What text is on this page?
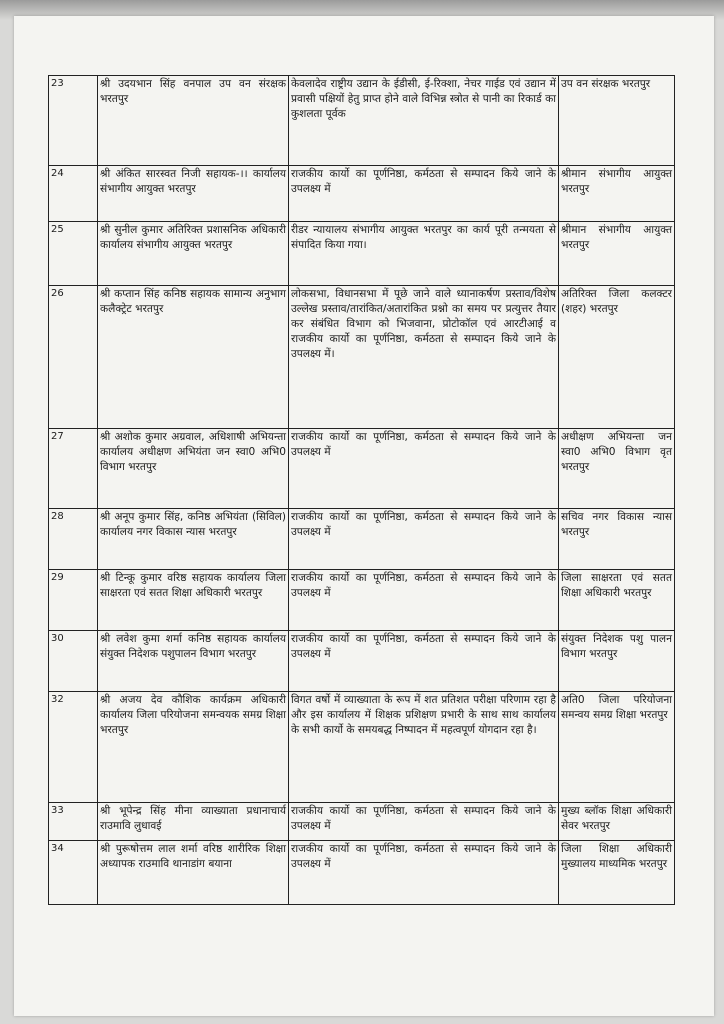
23	श्री उदयभान सिंह वनपाल उप वन संरक्षक भरतपुर	केवलादेव राष्ट्रीय उद्यान के ईडीसी, ई-रिक्शा, नेचर गाईड एवं उद्यान में प्रवासी पक्षियों हेतु प्राप्त होने वाले विभिन्न स्त्रोत से पानी का रिकार्ड का कुशलता पूर्वक	उप वन संरक्षक भरतपुर
24	श्री अंकित सारस्वत निजी सहायक-।। कार्यालय संभागीय आयुक्त भरतपुर	राजकीय कार्यो का पूर्णनिष्ठा, कर्मठता से सम्पादन किये जाने के उपलक्ष्य में	श्रीमान संभागीय आयुक्त भरतपुर
25	श्री सुनील कुमार अतिरिक्त प्रशासनिक अधिकारी कार्यालय संभागीय आयुक्त भरतपुर	रीडर न्यायालय संभागीय आयुक्त भरतपुर का कार्य पूरी तन्मयता से संपादित किया गया।	श्रीमान संभागीय आयुक्त भरतपुर
26	श्री कप्तान सिंह कनिष्ठ सहायक सामान्य अनुभाग कलैक्ट्रेट भरतपुर	लोकसभा, विधानसभा में पूछे जाने वाले ध्यानाकर्षण प्रस्ताव/विशेष उल्लेख प्रस्ताव/तारांकित/अतारांकित प्रश्नो का समय पर प्रत्युत्तर तैयार कर संबंधित विभाग को भिजवाना, प्रोटोकॉल एवं आरटीआई व राजकीय कार्यो का पूर्णनिष्ठा, कर्मठता से सम्पादन किये जाने के उपलक्ष्य में।	अतिरिक्त जिला कलक्टर (शहर) भरतपुर
27	श्री अशोक कुमार अग्रवाल, अधिशाषी अभियन्ता कार्यालय अधीक्षण अभियंता जन स्वा0 अभि0 विभाग भरतपुर	राजकीय कार्यो का पूर्णनिष्ठा, कर्मठता से सम्पादन किये जाने के उपलक्ष्य में	अधीक्षण अभियन्ता जन स्वा0 अभि0 विभाग वृत भरतपुर
28	श्री अनूप कुमार सिंह, कनिष्ठ अभियंता (सिविल) कार्यालय नगर विकास न्यास भरतपुर	राजकीय कार्यो का पूर्णनिष्ठा, कर्मठता से सम्पादन किये जाने के उपलक्ष्य में	सचिव नगर विकास न्यास भरतपुर
29	श्री टिन्कू कुमार वरिष्ठ सहायक कार्यालय जिला साक्षरता एवं सतत शिक्षा अधिकारी भरतपुर	राजकीय कार्यो का पूर्णनिष्ठा, कर्मठता से सम्पादन किये जाने के उपलक्ष्य में	जिला साक्षरता एवं सतत शिक्षा अधिकारी भरतपुर
30	श्री लवेश कुमा शर्मा कनिष्ठ सहायक कार्यालय संयुक्त निदेशक पशुपालन विभाग भरतपुर	राजकीय कार्यो का पूर्णनिष्ठा, कर्मठता से सम्पादन किये जाने के उपलक्ष्य में	संयुक्त निदेशक पशु पालन विभाग भरतपुर
32	श्री अजय देव कौशिक कार्यक्रम अधिकारी कार्यालय जिला परियोजना समन्वयक समग्र शिक्षा भरतपुर	विगत वर्षो में व्याख्याता के रूप में शत प्रतिशत परीक्षा परिणाम रहा है और इस कार्यालय में शिक्षक प्रशिक्षण प्रभारी के साथ साथ कार्यालय के सभी कार्यो के समयबद्ध निष्पादन में महत्वपूर्ण योगदान रहा है।	अति0 जिला परियोजना समन्वय समग्र शिक्षा भरतपुर
33	श्री भूपेन्द्र सिंह मीना व्याख्याता प्रधानाचार्य राउमावि लुधावई	राजकीय कार्यो का पूर्णनिष्ठा, कर्मठता से सम्पादन किये जाने के उपलक्ष्य में	मुख्य ब्लॉक शिक्षा अधिकारी सेवर भरतपुर
34	श्री पुरूषोत्तम लाल शर्मा वरिष्ठ शारीरिक शिक्षा अध्यापक राउमावि थानाडांग बयाना	राजकीय कार्यो का पूर्णनिष्ठा, कर्मठता से सम्पादन किये जाने के उपलक्ष्य में	जिला शिक्षा अधिकारी मुख्यालय माध्यमिक भरतपुर
